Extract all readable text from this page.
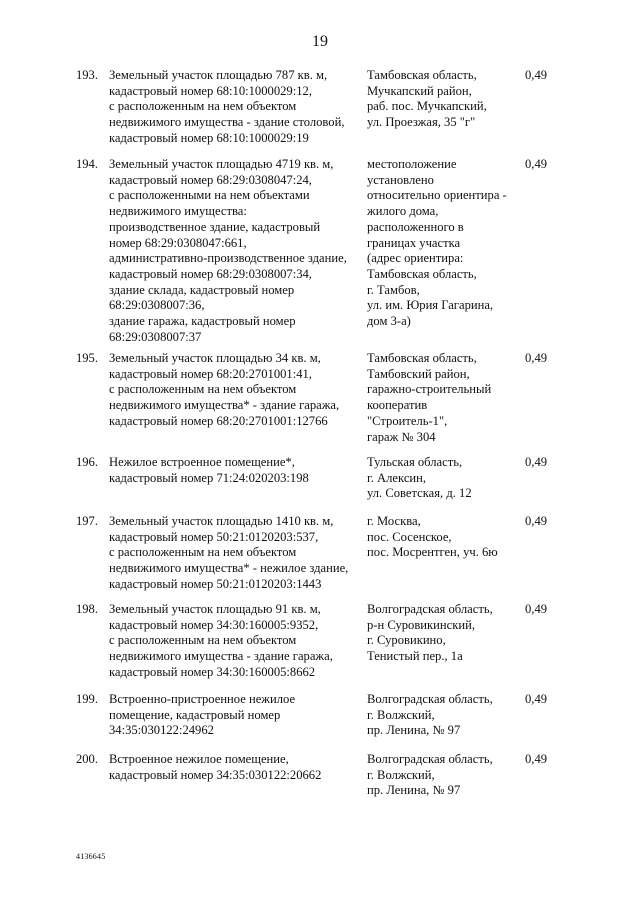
19
193. Земельный участок площадью 787 кв. м,
кадастровый номер 68:10:1000029:12,
с расположенным на нем объектом
недвижимого имущества - здание столовой,
кадастровый номер 68:10:1000029:19
Тамбовская область,
Мучкапский район,
раб. пос. Мучкапский,
ул. Проезжая, 35 "г"
0,49
194. Земельный участок площадью 4719 кв. м,
кадастровый номер 68:29:0308047:24,
с расположенными на нем объектами
недвижимого имущества:
производственное здание, кадастровый
номер 68:29:0308047:661,
административно-производственное здание,
кадастровый номер 68:29:0308007:34,
здание склада, кадастровый номер
68:29:0308007:36,
здание гаража, кадастровый номер
68:29:0308007:37
местоположение
установлено
относительно ориентира -
жилого дома,
расположенного в
границах участка
(адрес ориентира:
Тамбовская область,
г. Тамбов,
ул. им. Юрия Гагарина,
дом 3-а)
0,49
195. Земельный участок площадью 34 кв. м,
кадастровый номер 68:20:2701001:41,
с расположенным на нем объектом
недвижимого имущества* - здание гаража,
кадастровый номер 68:20:2701001:12766
Тамбовская область,
Тамбовский район,
гаражно-строительный
кооператив
"Строитель-1",
гараж № 304
0,49
196. Нежилое встроенное помещение*,
кадастровый номер 71:24:020203:198
Тульская область,
г. Алексин,
ул. Советская, д. 12
0,49
197. Земельный участок площадью 1410 кв. м,
кадастровый номер 50:21:0120203:537,
с расположенным на нем объектом
недвижимого имущества* - нежилое здание,
кадастровый номер 50:21:0120203:1443
г. Москва,
пос. Сосенское,
пос. Мосрентген, уч. 6ю
0,49
198. Земельный участок площадью 91 кв. м,
кадастровый номер 34:30:160005:9352,
с расположенным на нем объектом
недвижимого имущества - здание гаража,
кадастровый номер 34:30:160005:8662
Волгоградская область,
р-н Суровикинский,
г. Суровикино,
Тенистый пер., 1а
0,49
199. Встроенно-пристроенное нежилое
помещение, кадастровый номер
34:35:030122:24962
Волгоградская область,
г. Волжский,
пр. Ленина, № 97
0,49
200. Встроенное нежилое помещение,
кадастровый номер 34:35:030122:20662
Волгоградская область,
г. Волжский,
пр. Ленина, № 97
0,49
4136645
